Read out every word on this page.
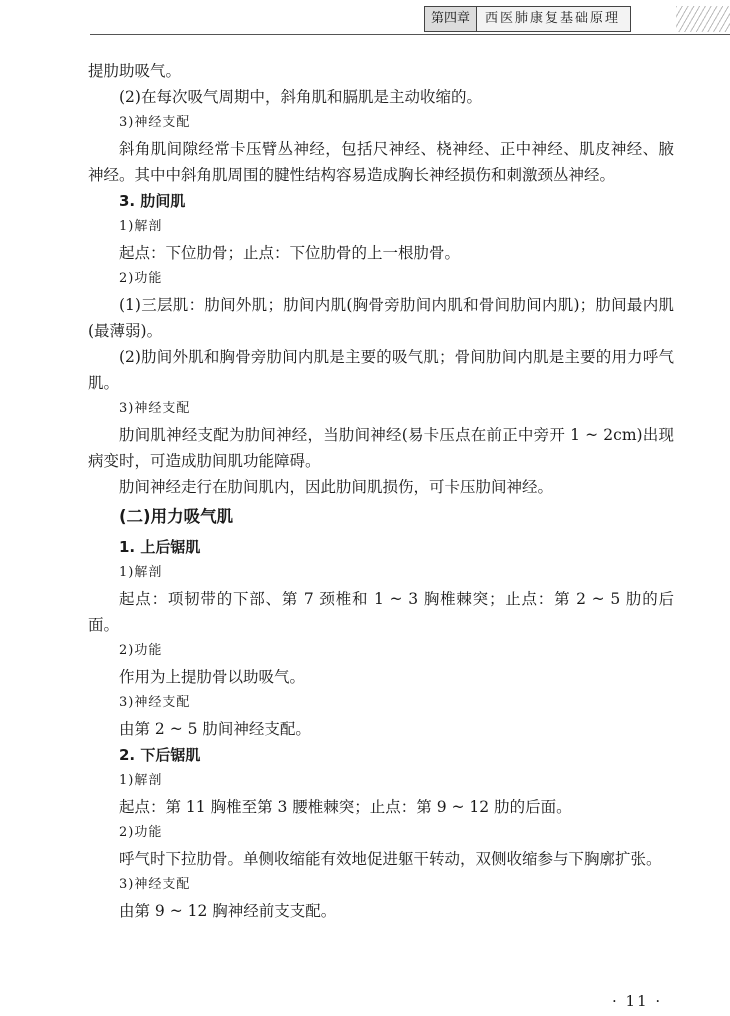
第四章	西医肺康复基础原理

提肋助吸气。

(2)在每次吸气周期中，斜角肌和膈肌是主动收缩的。

3)神经支配

斜角肌间隙经常卡压臂丛神经，包括尺神经、桡神经、正中神经、肌皮神经、腋神经。其中中斜角肌周围的腱性结构容易造成胸长神经损伤和刺激颈丛神经。

3. 肋间肌

1)解剖

起点：下位肋骨；止点：下位肋骨的上一根肋骨。

2)功能

(1)三层肌：肋间外肌；肋间内肌(胸骨旁肋间内肌和骨间肋间内肌)；肋间最内肌(最薄弱)。

(2)肋间外肌和胸骨旁肋间内肌是主要的吸气肌；骨间肋间内肌是主要的用力呼气肌。

3)神经支配

肋间肌神经支配为肋间神经，当肋间神经(易卡压点在前正中旁开 1 ~ 2cm)出现病变时，可造成肋间肌功能障碍。

肋间神经走行在肋间肌内，因此肋间肌损伤，可卡压肋间神经。

(二)用力吸气肌

1. 上后锯肌

1)解剖

起点：项韧带的下部、第 7 颈椎和 1 ~ 3 胸椎棘突；止点：第 2 ~ 5 肋的后面。

2)功能

作用为上提肋骨以助吸气。

3)神经支配

由第 2 ~ 5 肋间神经支配。

2. 下后锯肌

1)解剖

起点：第 11 胸椎至第 3 腰椎棘突；止点：第 9 ~ 12 肋的后面。

2)功能

呼气时下拉肋骨。单侧收缩能有效地促进躯干转动，双侧收缩参与下胸廓扩张。

3)神经支配

由第 9 ~ 12 胸神经前支支配。

· 11 ·
